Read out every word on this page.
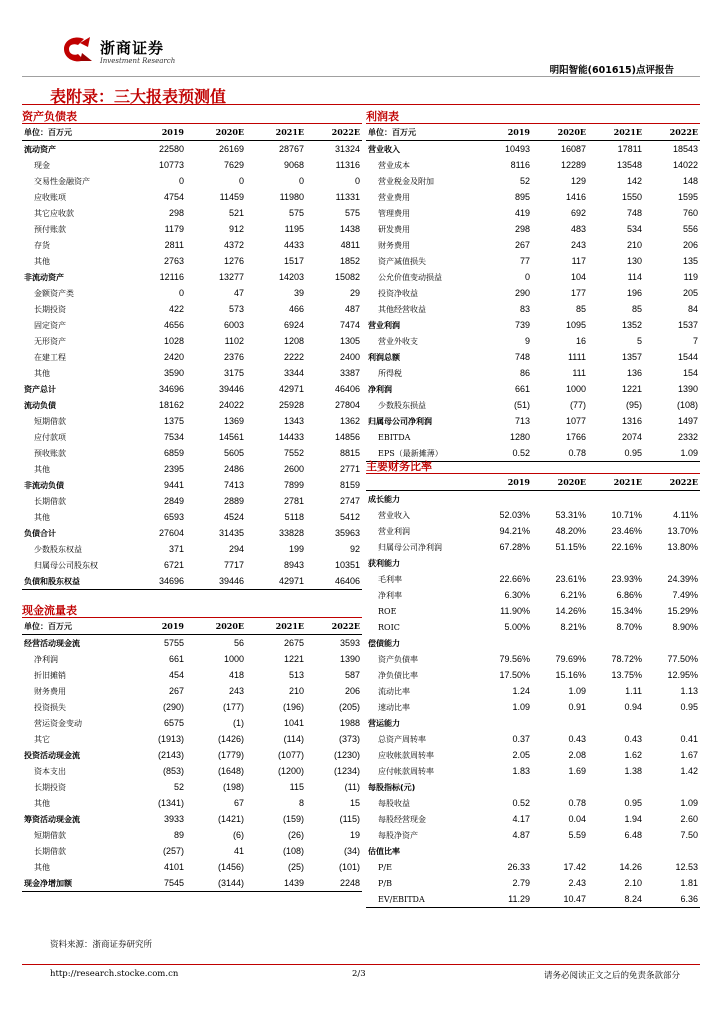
浙商证券
Investment Research
明阳智能(601615)点评报告
表附录：三大报表预测值
资产负债表
单位：百万元	2019	2020E	2021E	2022E
流动资产	22580	26169	28767	31324
现金	10773	7629	9068	11316
交易性金融资产	0	0	0	0
应收账项	4754	11459	11980	11331
其它应收款	298	521	575	575
预付账款	1179	912	1195	1438
存货	2811	4372	4433	4811
其他	2763	1276	1517	1852
非流动资产	12116	13277	14203	15082
金额资产类	0	47	39	29
长期投资	422	573	466	487
固定资产	4656	6003	6924	7474
无形资产	1028	1102	1208	1305
在建工程	2420	2376	2222	2400
其他	3590	3175	3344	3387
资产总计	34696	39446	42971	46406
流动负债	18162	24022	25928	27804
短期借款	1375	1369	1343	1362
应付款项	7534	14561	14433	14856
预收账款	6859	5605	7552	8815
其他	2395	2486	2600	2771
非流动负债	9441	7413	7899	8159
长期借款	2849	2889	2781	2747
其他	6593	4524	5118	5412
负债合计	27604	31435	33828	35963
少数股东权益	371	294	199	92
归属母公司股东权	6721	7717	8943	10351
负债和股东权益	34696	39446	42971	46406
现金流量表
单位：百万元	2019	2020E	2021E	2022E
经营活动现金流	5755	56	2675	3593
净利润	661	1000	1221	1390
折旧摊销	454	418	513	587
财务费用	267	243	210	206
投资损失	(290)	(177)	(196)	(205)
营运资金变动	6575	(1)	1041	1988
其它	(1913)	(1426)	(114)	(373)
投资活动现金流	(2143)	(1779)	(1077)	(1230)
资本支出	(853)	(1648)	(1200)	(1234)
长期投资	52	(198)	115	(11)
其他	(1341)	67	8	15
筹资活动现金流	3933	(1421)	(159)	(115)
短期借款	89	(6)	(26)	19
长期借款	(257)	41	(108)	(34)
其他	4101	(1456)	(25)	(101)
现金净增加额	7545	(3144)	1439	2248
利润表
单位：百万元	2019	2020E	2021E	2022E
营业收入	10493	16087	17811	18543
营业成本	8116	12289	13548	14022
营业税金及附加	52	129	142	148
营业费用	895	1416	1550	1595
管理费用	419	692	748	760
研发费用	298	483	534	556
财务费用	267	243	210	206
资产减值损失	77	117	130	135
公允价值变动损益	0	104	114	119
投资净收益	290	177	196	205
其他经营收益	83	85	85	84
营业利润	739	1095	1352	1537
营业外收支	9	16	5	7
利润总额	748	1111	1357	1544
所得税	86	111	136	154
净利润	661	1000	1221	1390
少数股东损益	(51)	(77)	(95)	(108)
归属母公司净利润	713	1077	1316	1497
EBITDA	1280	1766	2074	2332
EPS（最新摊薄）	0.52	0.78	0.95	1.09
主要财务比率
	2019	2020E	2021E	2022E
成长能力				
营业收入	52.03%	53.31%	10.71%	4.11%
营业利润	94.21%	48.20%	23.46%	13.70%
归属母公司净利润	67.28%	51.15%	22.16%	13.80%
获利能力				
毛利率	22.66%	23.61%	23.93%	24.39%
净利率	6.30%	6.21%	6.86%	7.49%
ROE	11.90%	14.26%	15.34%	15.29%
ROIC	5.00%	8.21%	8.70%	8.90%
偿债能力				
资产负债率	79.56%	79.69%	78.72%	77.50%
净负债比率	17.50%	15.16%	13.75%	12.95%
流动比率	1.24	1.09	1.11	1.13
速动比率	1.09	0.91	0.94	0.95
营运能力				
总资产周转率	0.37	0.43	0.43	0.41
应收帐款周转率	2.05	2.08	1.62	1.67
应付帐款周转率	1.83	1.69	1.38	1.42
每股指标(元)				
每股收益	0.52	0.78	0.95	1.09
每股经营现金	4.17	0.04	1.94	2.60
每股净资产	4.87	5.59	6.48	7.50
估值比率				
P/E	26.33	17.42	14.26	12.53
P/B	2.79	2.43	2.10	1.81
EV/EBITDA	11.29	10.47	8.24	6.36
资料来源：浙商证券研究所
http://research.stocke.com.cn	2/3	请务必阅读正文之后的免责条款部分
